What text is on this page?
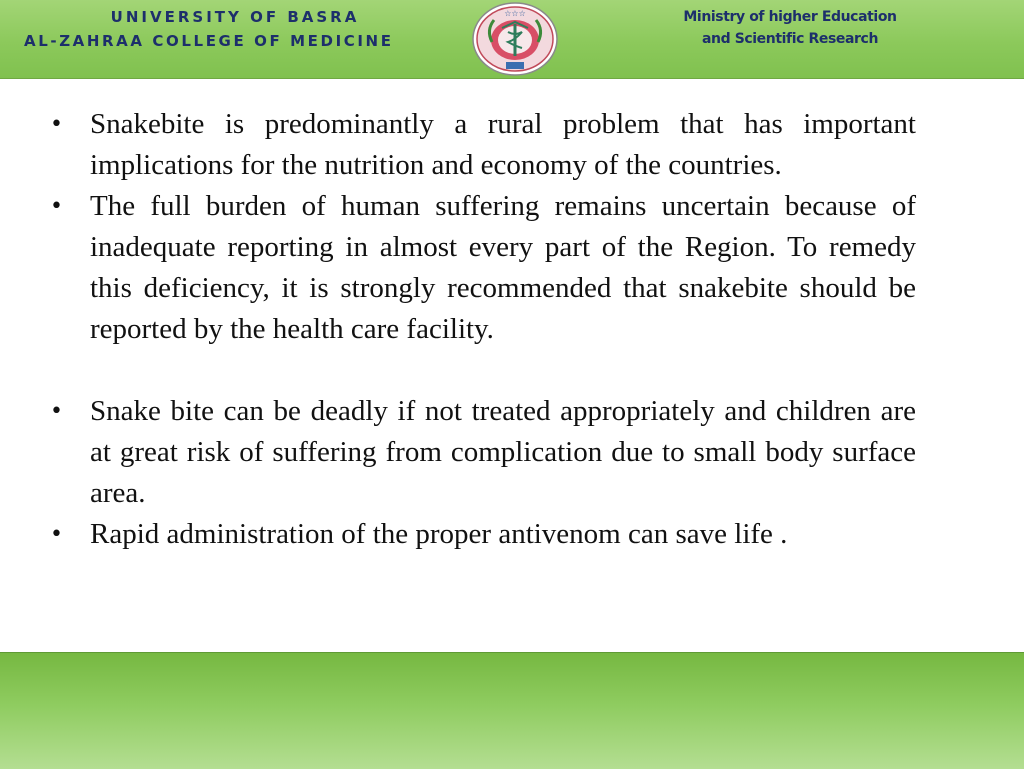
UNIVERSITY OF BASRA
AL-ZAHRAA COLLEGE OF MEDICINE
☆☆☆	Ministry of higher Education
and Scientific Research
• Snakebite is predominantly a rural problem that has important implications for the nutrition and economy of the countries.
• The full burden of human suffering remains uncertain because of inadequate reporting in almost every part of the Region. To remedy this deficiency, it is strongly recommended that snakebite should be reported by the health care facility.
• Snake bite can be deadly if not treated appropriately and children are at great risk of suffering from complication due to small body surface area.
• Rapid administration of the proper antivenom can save life .
